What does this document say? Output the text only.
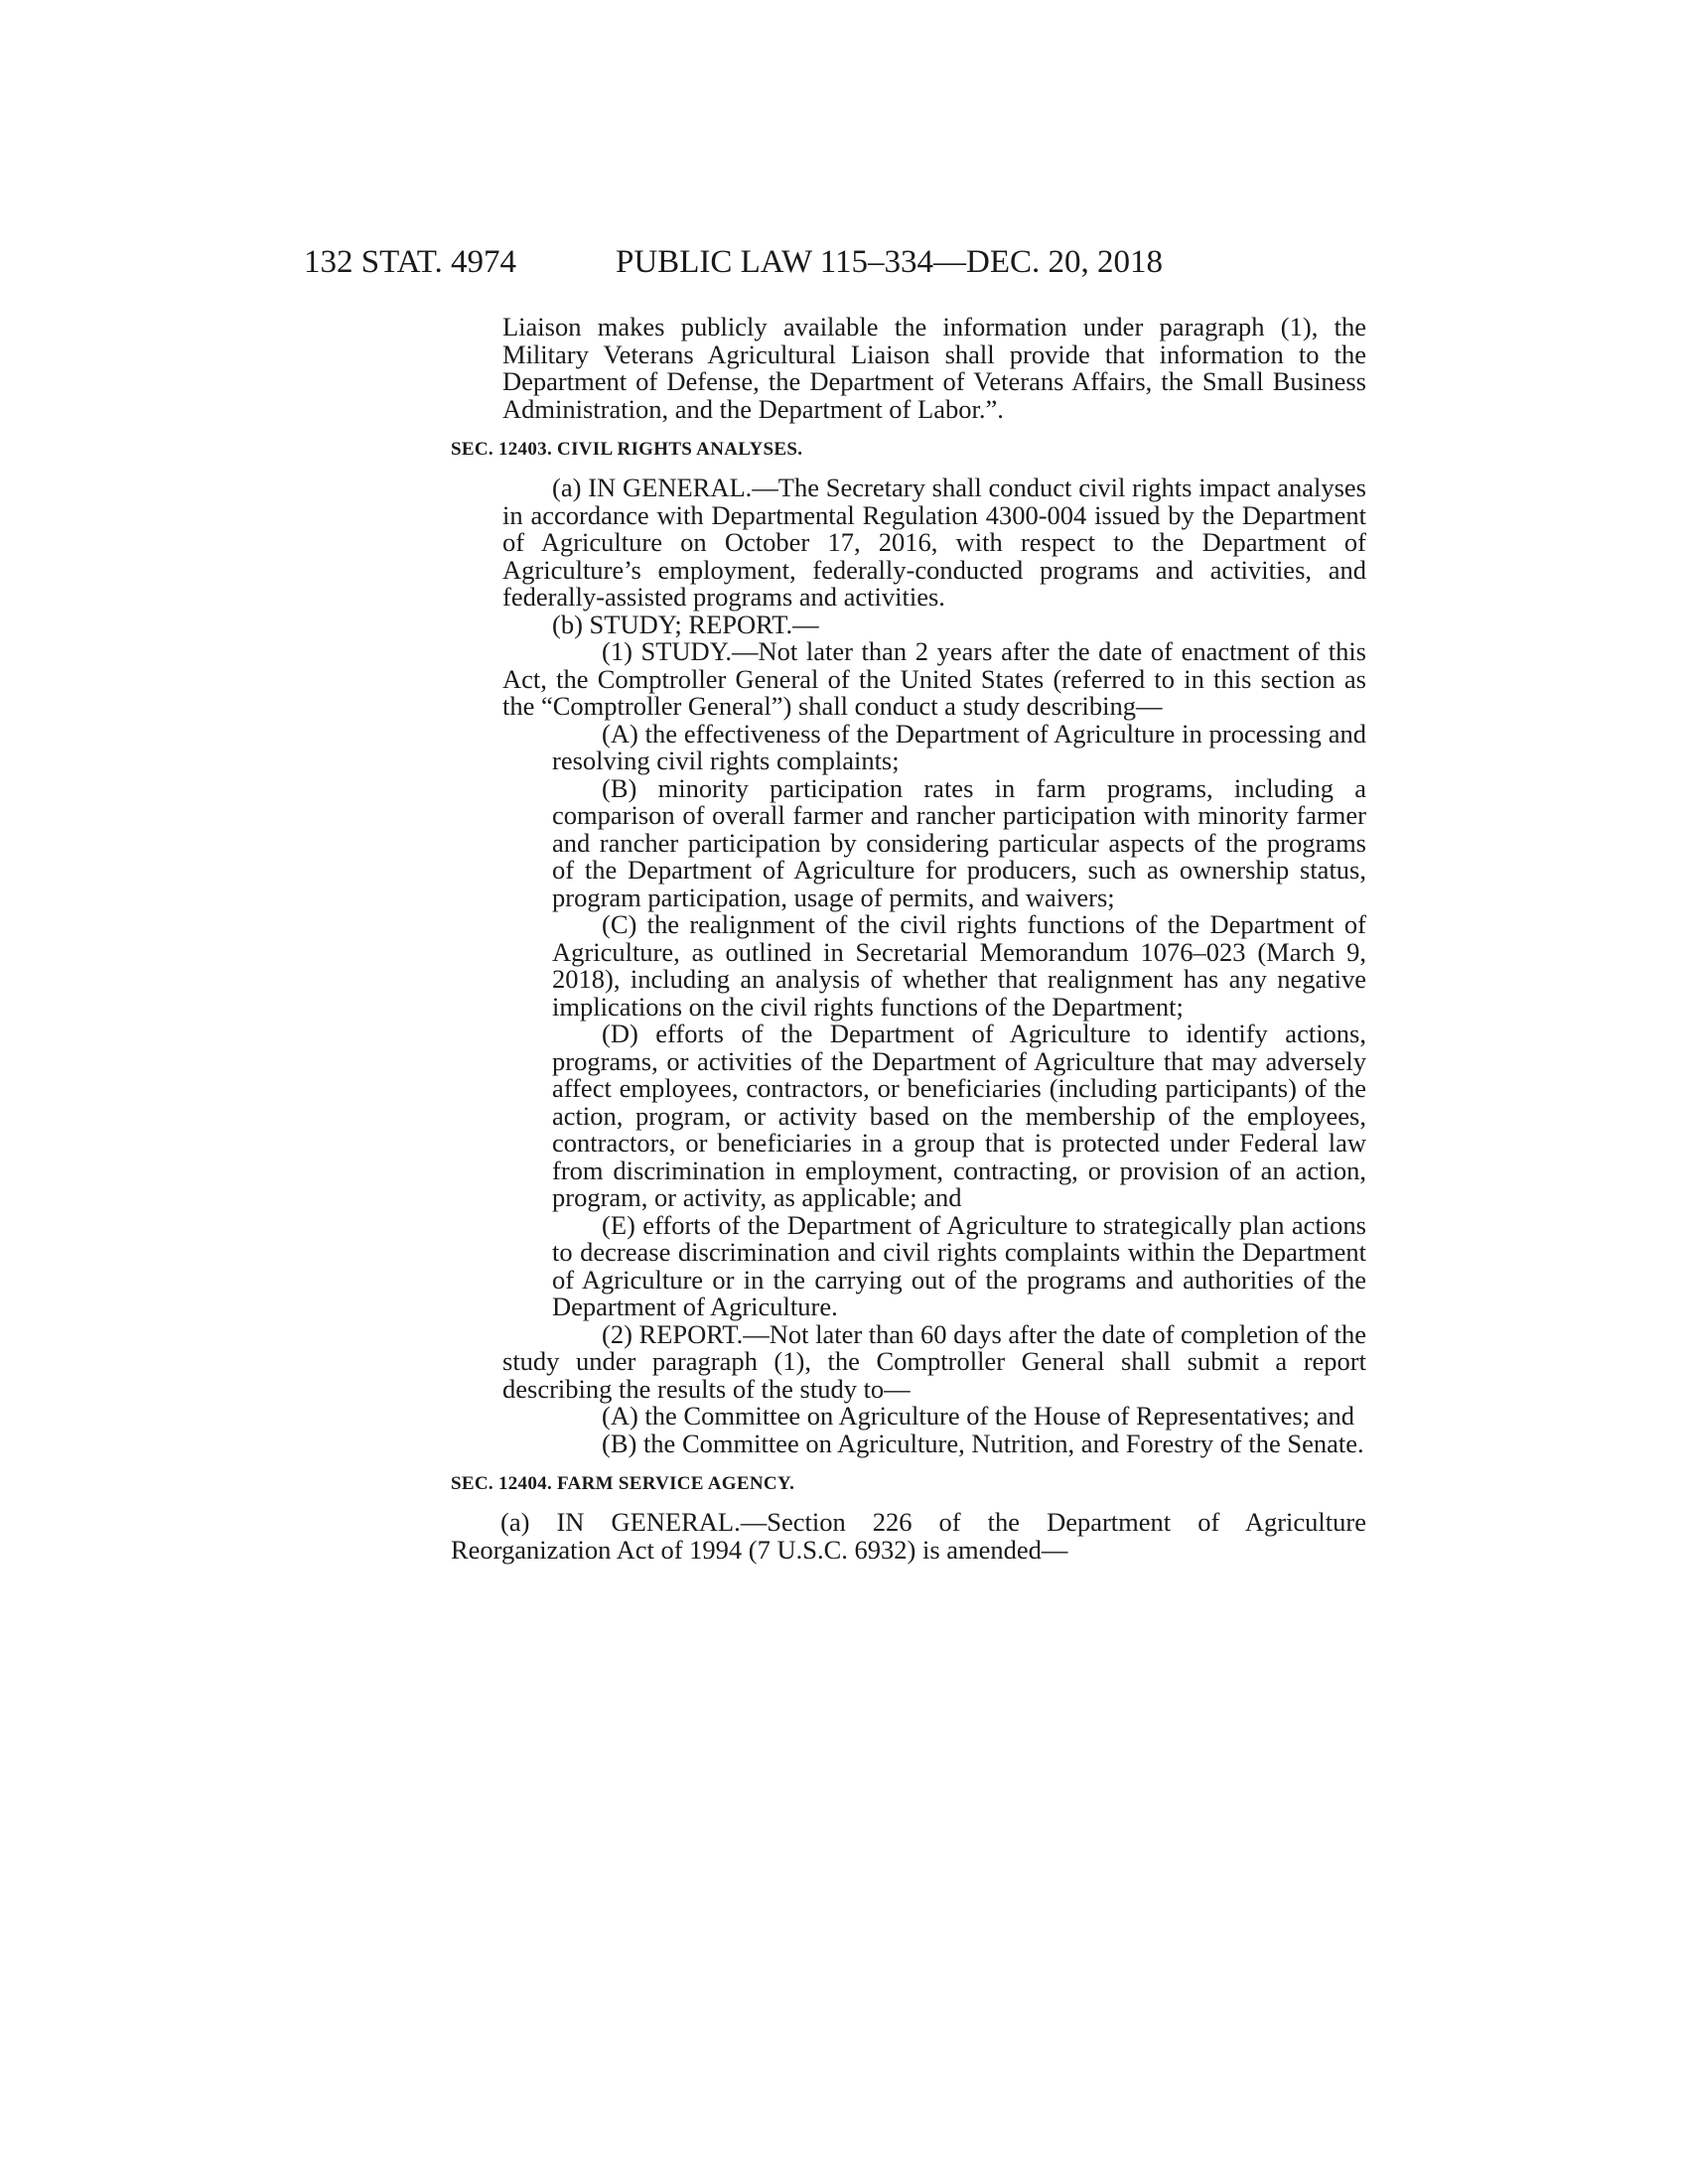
132 STAT. 4974	PUBLIC LAW 115–334—DEC. 20, 2018

Liaison makes publicly available the information under paragraph (1), the Military Veterans Agricultural Liaison shall provide that information to the Department of Defense, the Department of Veterans Affairs, the Small Business Administration, and the Department of Labor.”.

SEC. 12403. CIVIL RIGHTS ANALYSES.

(a) IN GENERAL.—The Secretary shall conduct civil rights impact analyses in accordance with Departmental Regulation 4300-004 issued by the Department of Agriculture on October 17, 2016, with respect to the Department of Agriculture’s employment, federally-conducted programs and activities, and federally-assisted programs and activities.

(b) STUDY; REPORT.—

(1) STUDY.—Not later than 2 years after the date of enactment of this Act, the Comptroller General of the United States (referred to in this section as the “Comptroller General”) shall conduct a study describing—

(A) the effectiveness of the Department of Agriculture in processing and resolving civil rights complaints;

(B) minority participation rates in farm programs, including a comparison of overall farmer and rancher participation with minority farmer and rancher participation by considering particular aspects of the programs of the Department of Agriculture for producers, such as ownership status, program participation, usage of permits, and waivers;

(C) the realignment of the civil rights functions of the Department of Agriculture, as outlined in Secretarial Memorandum 1076–023 (March 9, 2018), including an analysis of whether that realignment has any negative implications on the civil rights functions of the Department;

(D) efforts of the Department of Agriculture to identify actions, programs, or activities of the Department of Agriculture that may adversely affect employees, contractors, or beneficiaries (including participants) of the action, program, or activity based on the membership of the employees, contractors, or beneficiaries in a group that is protected under Federal law from discrimination in employment, contracting, or provision of an action, program, or activity, as applicable; and

(E) efforts of the Department of Agriculture to strategically plan actions to decrease discrimination and civil rights complaints within the Department of Agriculture or in the carrying out of the programs and authorities of the Department of Agriculture.

(2) REPORT.—Not later than 60 days after the date of completion of the study under paragraph (1), the Comptroller General shall submit a report describing the results of the study to—

(A) the Committee on Agriculture of the House of Representatives; and

(B) the Committee on Agriculture, Nutrition, and Forestry of the Senate.

SEC. 12404. FARM SERVICE AGENCY.

(a) IN GENERAL.—Section 226 of the Department of Agriculture Reorganization Act of 1994 (7 U.S.C. 6932) is amended—
